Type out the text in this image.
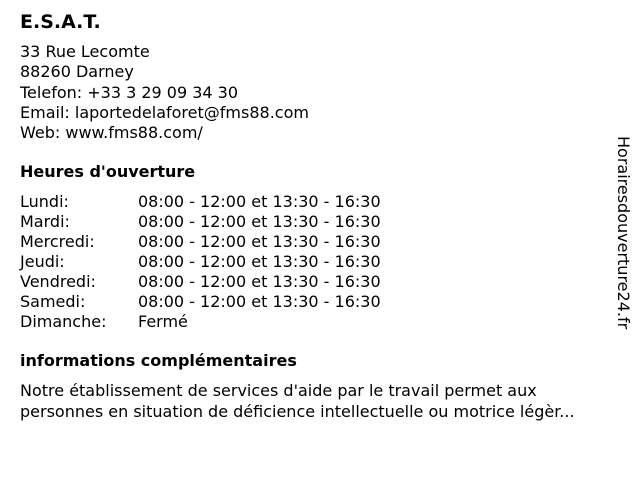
E.S.A.T.
33 Rue Lecomte
88260 Darney
Telefon: +33 3 29 09 34 30
Email: laportedelaforet@fms88.com
Web: www.fms88.com/
Heures d'ouverture
Lundi:	08:00 - 12:00 et 13:30 - 16:30
Mardi:	08:00 - 12:00 et 13:30 - 16:30
Mercredi:	08:00 - 12:00 et 13:30 - 16:30
Jeudi:	08:00 - 12:00 et 13:30 - 16:30
Vendredi:	08:00 - 12:00 et 13:30 - 16:30
Samedi:	08:00 - 12:00 et 13:30 - 16:30
Dimanche:	Fermé
informations complémentaires
Notre établissement de services d'aide par le travail permet aux
personnes en situation de déficience intellectuelle ou motrice légèr...
Horairesdouverture24.fr
